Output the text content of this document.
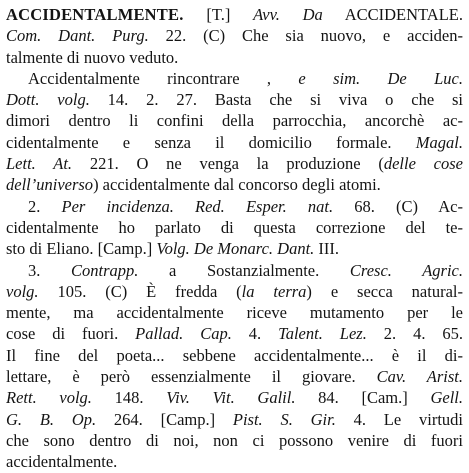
ACCIDENTALMENTE. [T.] Avv. Da ACCIDENTALE.
Com. Dant. Purg. 22. (C) Che sia nuovo, e acciden-
talmente di nuovo veduto.
Accidentalmente rincontrare , e sim. De Luc.
Dott. volg. 14. 2. 27. Basta che si viva o che si
dimori dentro li confini della parrocchia, ancorchè ac-
cidentalmente e senza il domicilio formale. Magal.
Lett. At. 221. O ne venga la produzione (delle cose
dell’universo) accidentalmente dal concorso degli atomi.
2. Per incidenza. Red. Esper. nat. 68. (C) Ac-
cidentalmente ho parlato di questa correzione del te-
sto di Eliano. [Camp.] Volg. De Monarc. Dant. III.
3. Contrapp. a Sostanzialmente. Cresc. Agric.
volg. 105. (C) È fredda (la terra) e secca natural-
mente, ma accidentalmente riceve mutamento per le
cose di fuori. Pallad. Cap. 4. Talent. Lez. 2. 4. 65.
Il fine del poeta... sebbene accidentalmente... è il di-
lettare, è però essenzialmente il giovare. Cav. Arist.
Rett. volg. 148. Viv. Vit. Galil. 84. [Cam.] Gell.
G. B. Op. 264. [Camp.] Pist. S. Gir. 4. Le virtudi
che sono dentro di noi, non ci possono venire di fuori
accidentalmente.
